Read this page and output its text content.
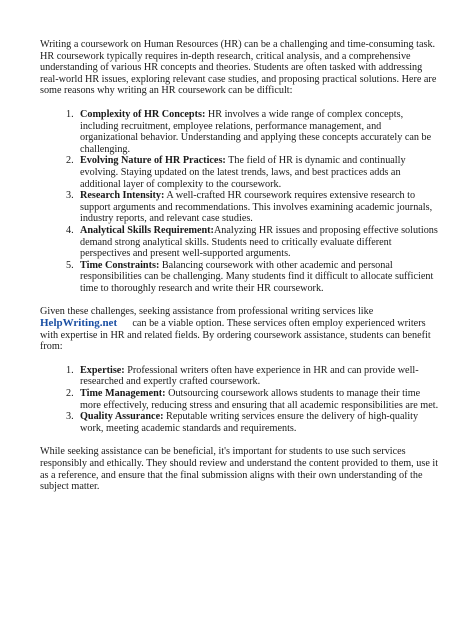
Writing a coursework on Human Resources (HR) can be a challenging and time-consuming task. HR coursework typically requires in-depth research, critical analysis, and a comprehensive understanding of various HR concepts and theories. Students are often tasked with addressing real-world HR issues, exploring relevant case studies, and proposing practical solutions. Here are some reasons why writing an HR coursework can be difficult:

1. Complexity of HR Concepts: HR involves a wide range of complex concepts, including recruitment, employee relations, performance management, and organizational behavior. Understanding and applying these concepts accurately can be challenging.
2. Evolving Nature of HR Practices: The field of HR is dynamic and continually evolving. Staying updated on the latest trends, laws, and best practices adds an additional layer of complexity to the coursework.
3. Research Intensity: A well-crafted HR coursework requires extensive research to support arguments and recommendations. This involves examining academic journals, industry reports, and relevant case studies.
4. Analytical Skills Requirement:Analyzing HR issues and proposing effective solutions demand strong analytical skills. Students need to critically evaluate different perspectives and present well-supported arguments.
5. Time Constraints: Balancing coursework with other academic and personal responsibilities can be challenging. Many students find it difficult to allocate sufficient time to thoroughly research and write their HR coursework.

Given these challenges, seeking assistance from professional writing services like
HelpWriting.net can be a viable option. These services often employ experienced writers with expertise in HR and related fields. By ordering coursework assistance, students can benefit from:

1. Expertise: Professional writers often have experience in HR and can provide well-researched and expertly crafted coursework.
2. Time Management: Outsourcing coursework allows students to manage their time more effectively, reducing stress and ensuring that all academic responsibilities are met.
3. Quality Assurance: Reputable writing services ensure the delivery of high-quality work, meeting academic standards and requirements.

While seeking assistance can be beneficial, it's important for students to use such services responsibly and ethically. They should review and understand the content provided to them, use it as a reference, and ensure that the final submission aligns with their own understanding of the subject matter.
